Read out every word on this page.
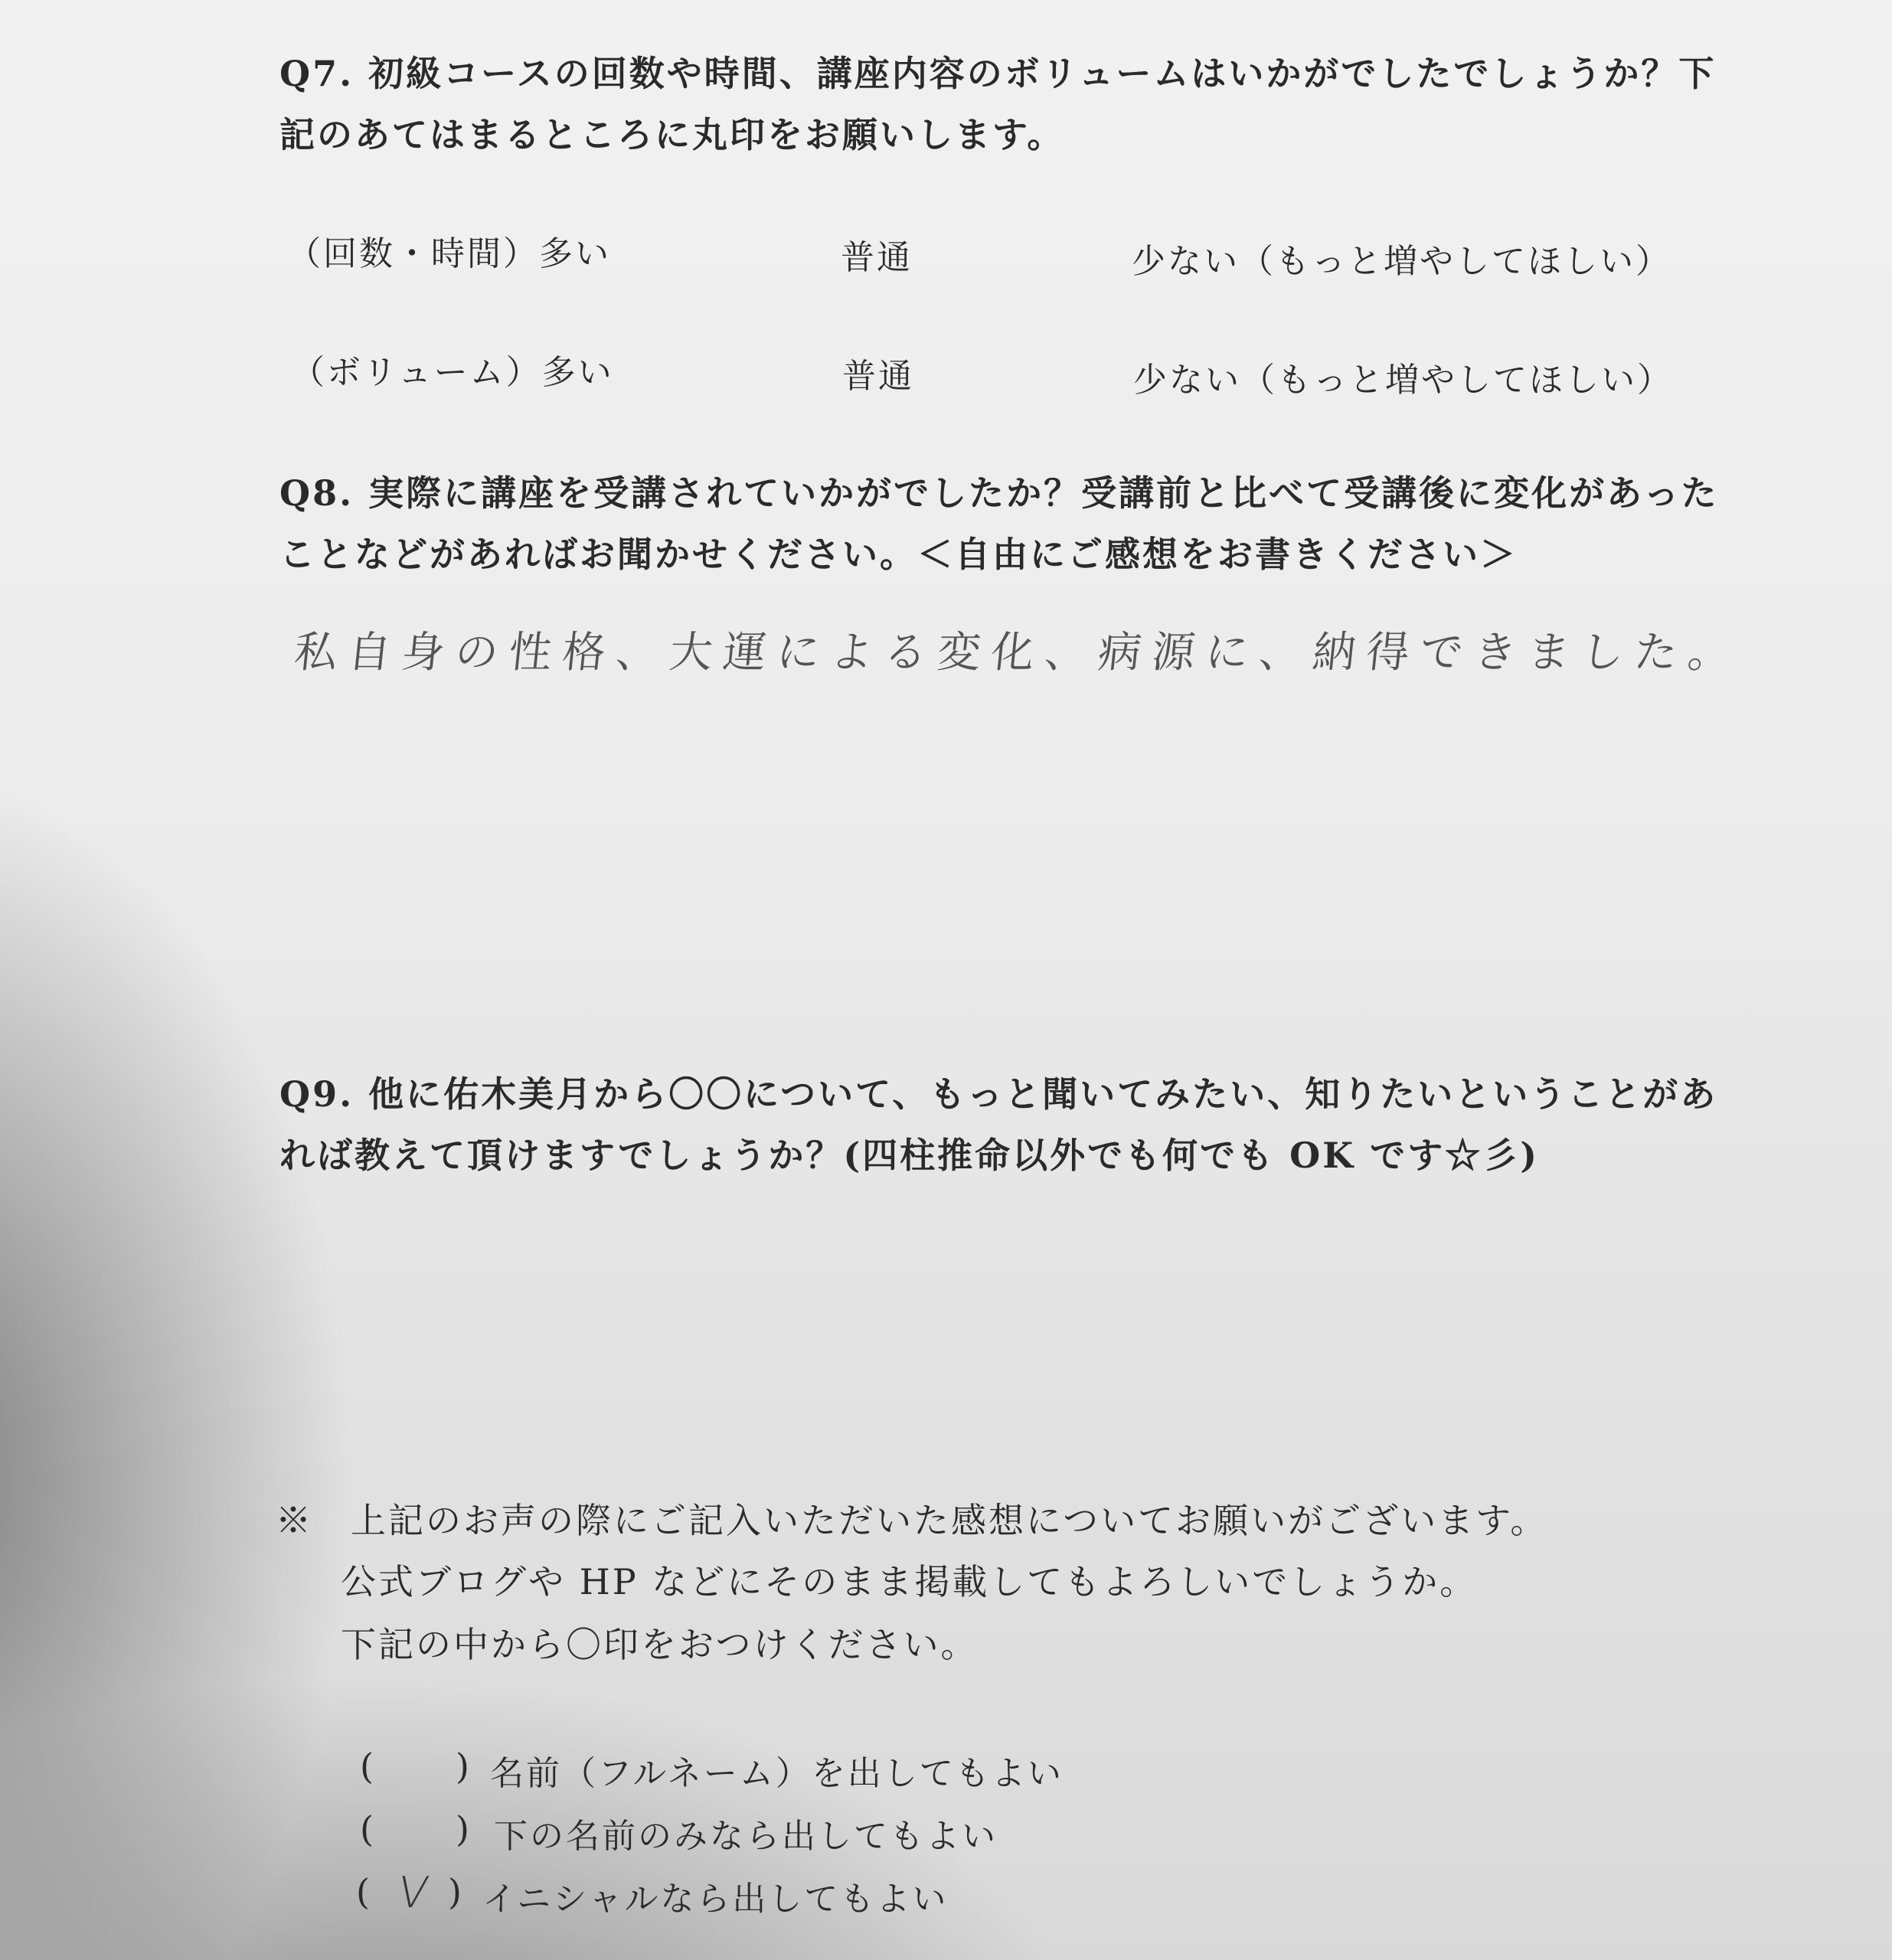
Q7. 初級コースの回数や時間、講座内容のボリュームはいかがでしたでしょうか？下
記のあてはまるところに丸印をお願いします。
（回数・時間）多い	普通	少ない（もっと増やしてほしい）
（ボリューム）多い	普通	少ない（もっと増やしてほしい）
Q8. 実際に講座を受講されていかがでしたか？受講前と比べて受講後に変化があった
ことなどがあればお聞かせください。＜自由にご感想をお書きください＞
私自身の性格、大運による変化、病源に、納得できました。
Q9. 他に佑木美月から〇〇について、もっと聞いてみたい、知りたいということがあ
れば教えて頂けますでしょうか？(四柱推命以外でも何でも OK です☆彡)
※　上記のお声の際にご記入いただいた感想についてお願いがございます。
公式ブログや HP などにそのまま掲載してもよろしいでしょうか。
下記の中から〇印をおつけください。
( ) 名前（フルネーム）を出してもよい
( ) 下の名前のみなら出してもよい
( V ) イニシャルなら出してもよい
